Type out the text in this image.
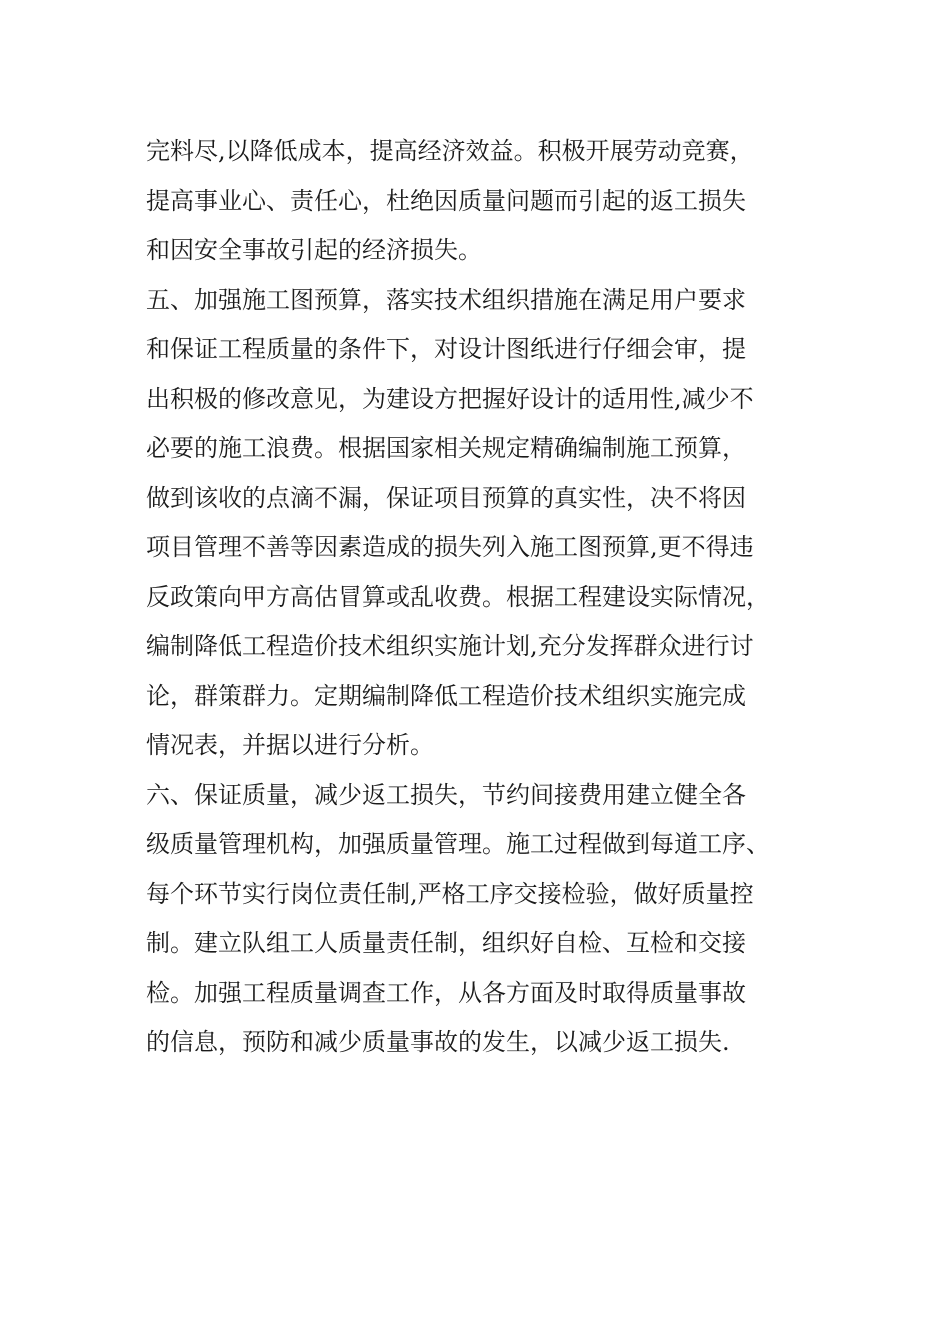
完料尽,以降低成本，提高经济效益。积极开展劳动竞赛，
提高事业心、责任心，杜绝因质量问题而引起的返工损失
和因安全事故引起的经济损失。
五、加强施工图预算，落实技术组织措施在满足用户要求
和保证工程质量的条件下，对设计图纸进行仔细会审，提
出积极的修改意见，为建设方把握好设计的适用性,减少不
必要的施工浪费。根据国家相关规定精确编制施工预算，
做到该收的点滴不漏，保证项目预算的真实性，决不将因
项目管理不善等因素造成的损失列入施工图预算,更不得违
反政策向甲方高估冒算或乱收费。根据工程建设实际情况，
编制降低工程造价技术组织实施计划,充分发挥群众进行讨
论，群策群力。定期编制降低工程造价技术组织实施完成
情况表，并据以进行分析。
六、保证质量，减少返工损失，节约间接费用建立健全各
级质量管理机构，加强质量管理。施工过程做到每道工序、
每个环节实行岗位责任制,严格工序交接检验，做好质量控
制。建立队组工人质量责任制，组织好自检、互检和交接
检。加强工程质量调查工作，从各方面及时取得质量事故
的信息，预防和减少质量事故的发生，以减少返工损失.
